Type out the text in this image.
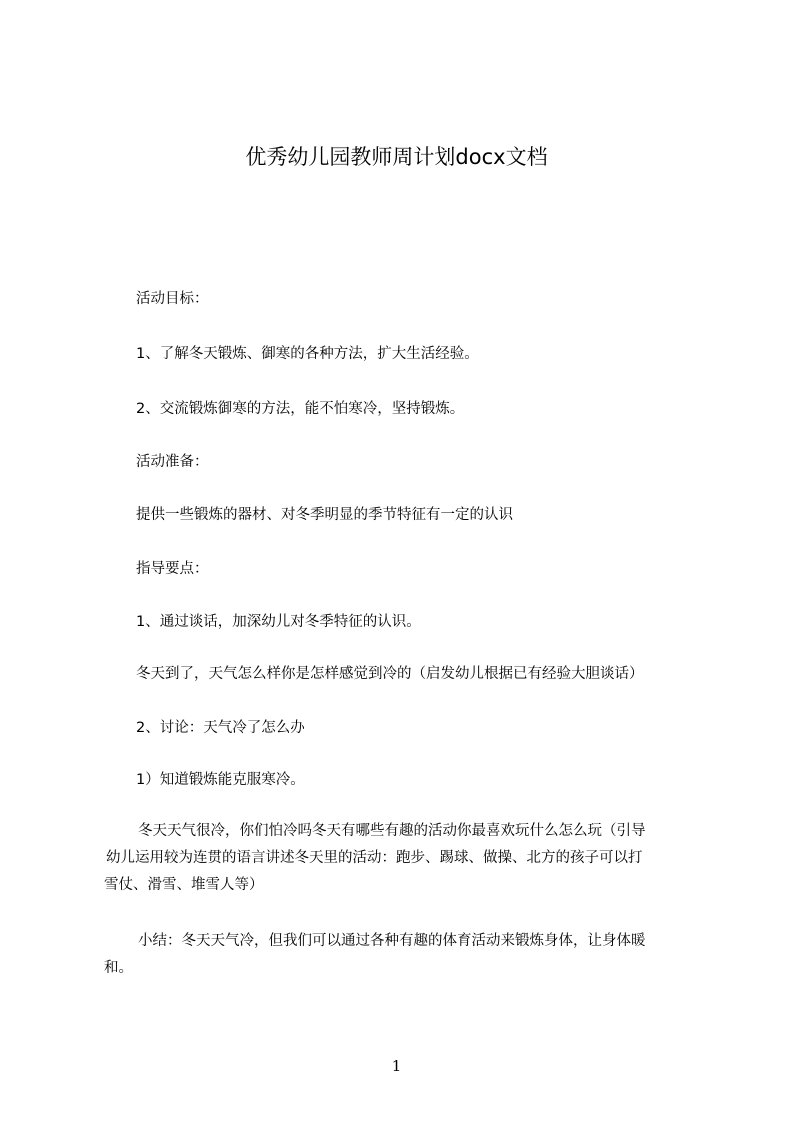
优秀幼儿园教师周计划docx文档
活动目标：
1、了解冬天锻炼、御寒的各种方法，扩大生活经验。
2、交流锻炼御寒的方法，能不怕寒冷，坚持锻炼。
活动准备：
提供一些锻炼的器材、对冬季明显的季节特征有一定的认识
指导要点：
1、通过谈话，加深幼儿对冬季特征的认识。
冬天到了，天气怎么样你是怎样感觉到冷的（启发幼儿根据已有经验大胆谈话）
2、讨论：天气冷了怎么办
1）知道锻炼能克服寒冷。
冬天天气很冷，你们怕冷吗冬天有哪些有趣的活动你最喜欢玩什么怎么玩（引导
幼儿运用较为连贯的语言讲述冬天里的活动：跑步、踢球、做操、北方的孩子可以打
雪仗、滑雪、堆雪人等）
小结：冬天天气冷，但我们可以通过各种有趣的体育活动来锻炼身体，让身体暖
和。
1
